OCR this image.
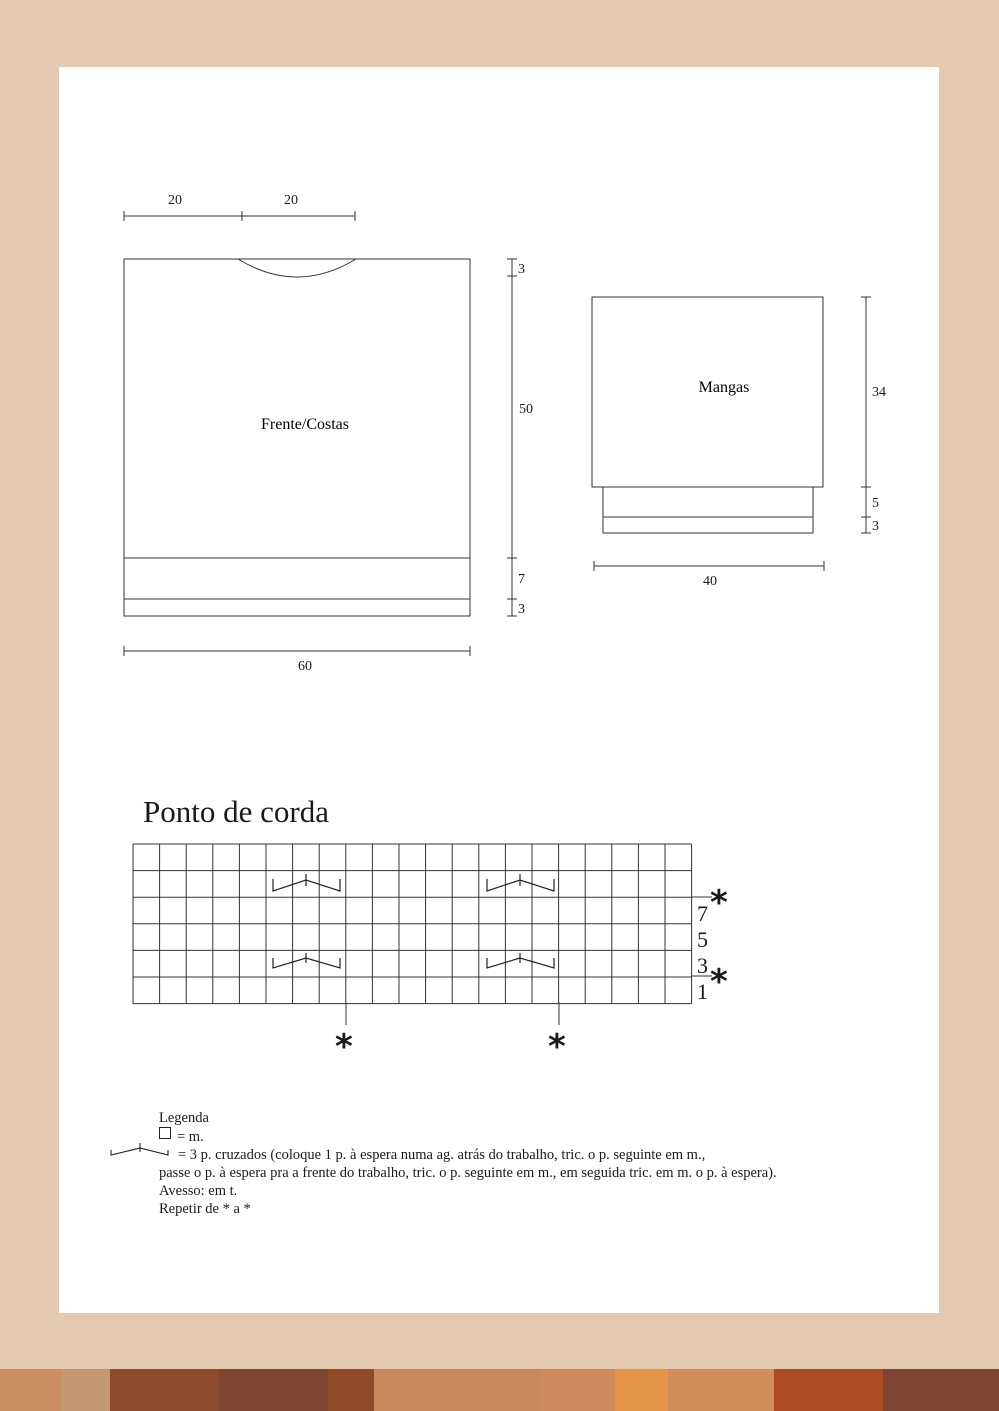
20	20
3
50
7
3
60
34
5
3
40
Frente/Costas
Mangas
7
5
3
1
*
*
*	*
Ponto de corda
Legenda
= m.
= 3 p. cruzados (coloque 1 p. à espera numa ag. atrás do trabalho, tric. o p. seguinte em m.,
passe o p. à espera pra a frente do trabalho, tric. o p. seguinte em m., em seguida tric. em m. o p. à espera).
Avesso: em t.
Repetir de * a *
